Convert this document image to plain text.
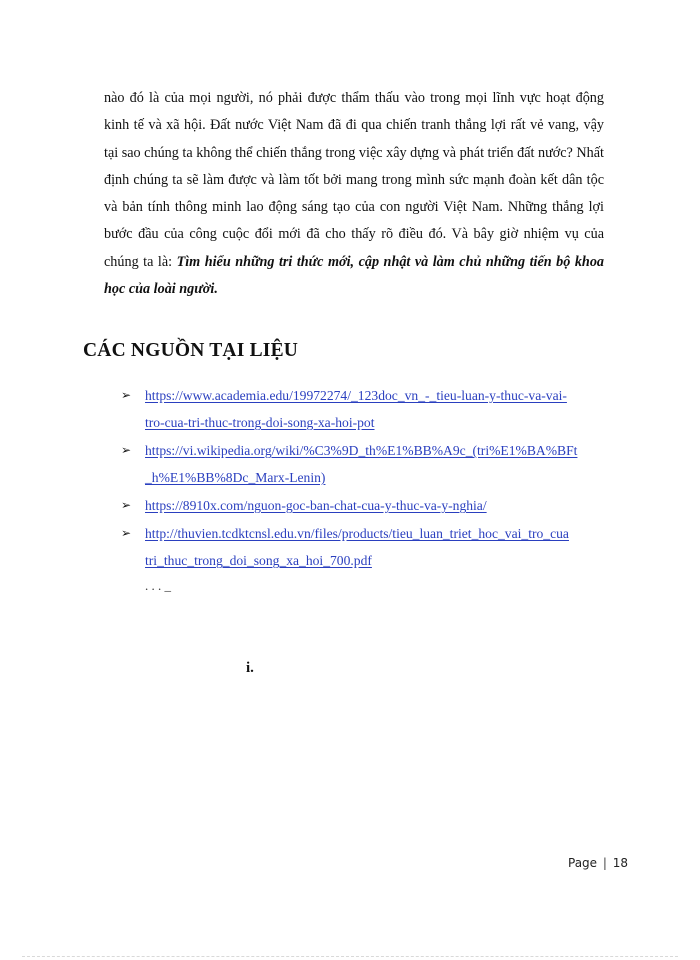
nào đó là của mọi người, nó phải được thẩm thấu vào trong mọi lĩnh vực hoạt động kinh tế và xã hội. Đất nước Việt Nam đã đi qua chiến tranh thắng lợi rất vẻ vang, vậy tại sao chúng ta không thể chiến thắng trong việc xây dựng và phát triển đất nước? Nhất định chúng ta sẽ làm được và làm tốt bởi mang trong mình sức mạnh đoàn kết dân tộc và bản tính thông minh lao động sáng tạo của con người Việt Nam. Những thắng lợi bước đầu của công cuộc đổi mới đã cho thấy rõ điều đó. Và bây giờ nhiệm vụ của chúng ta là: Tìm hiểu những tri thức mới, cập nhật và làm chủ những tiến bộ khoa học của loài người.

CÁC NGUỒN TẠI LIỆU
➢ https://www.academia.edu/19972274/_123doc_vn_-_tieu-luan-y-thuc-va-vai-
tro-cua-tri-thuc-trong-doi-song-xa-hoi-pot
➢ https://vi.wikipedia.org/wiki/%C3%9D_th%E1%BB%A9c_(tri%E1%BA%BFt
_h%E1%BB%8Dc_Marx-Lenin)
➢ https://8910x.com/nguon-goc-ban-chat-cua-y-thuc-va-y-nghia/
➢ http://thuvien.tcdktcnsl.edu.vn/files/products/tieu_luan_triet_hoc_vai_tro_cua
tri_thuc_trong_doi_song_xa_hoi_700.pdf
. . . _
i.
Page | 18
